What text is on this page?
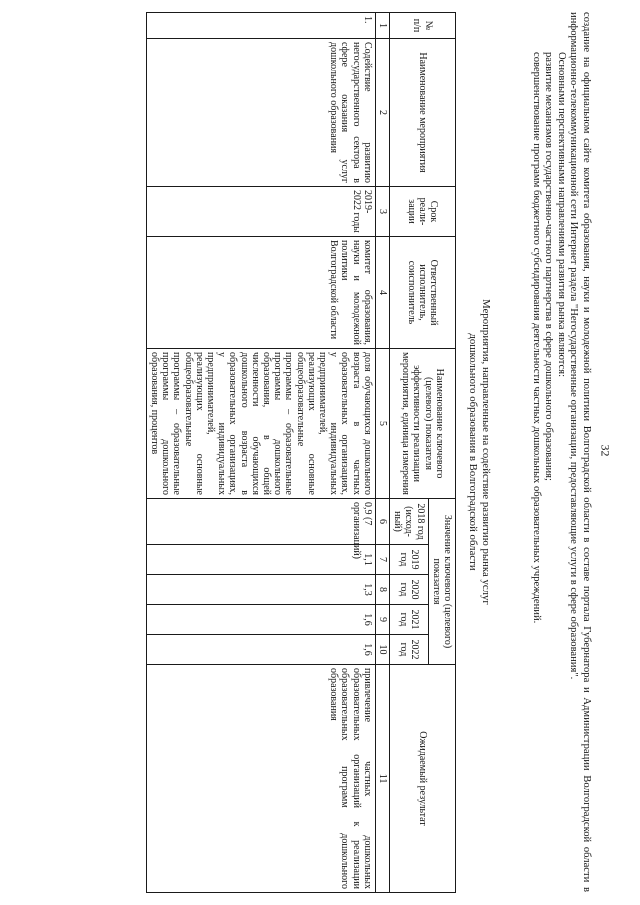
32

создание на официальном сайте комитета образования, науки и молодежной политики Волгоградской области в составе портала Губернатора и Администрации Волгоградской области в информационно-телекоммуникационной сети Интернет раздела "Негосударственные организации, предоставляющие услуги в сфере образования".

Основными перспективными направлениями развития рынка являются:

развитие механизмов государственно-частного партнерства в сфере дошкольного образования;

совершенствование программ бюджетного субсидирования деятельности частных дошкольных образовательных учреждений.

Мероприятия, направленные на содействие развитию рынка услуг
дошкольного образования в Волгоградской области
№ п/п	Наименование мероприятия	Срок реали-зации	Ответственный исполнитель, соисполнитель	Наименование ключевого (целевого) показателя эффективности реализации мероприятия, единица измерения	Значение ключевого (целевого) показателя					Ожидаемый результат
					2018 год (исход-ный)	2019 год	2020 год	2021 год	2022 год	
1	2	3	4	5	6	7	8	9	10	11
1.	Содействие развитию негосударственного сектора в сфере оказания услуг дошкольного образования	2019-2022 годы	комитет образования, науки и молодежной политики Волгоградской области	доля обучающихся дошкольного возраста в частных образовательных организациях, у индивидуальных предпринимателей, реализующих основные общеобразовательные программы – образовательные программы дошкольного образования, в общей численности обучающихся дошкольного возраста в образовательных организациях, у индивидуальных предпринимателей, реализующих основные общеобразовательные программы – образовательные программы дошкольного образования, процентов	0,9 (7 организаций)	1,1	1,3	1,6	1,6	привлечение частных дошкольных образовательных организаций к реализации образовательных программ дошкольного образования
